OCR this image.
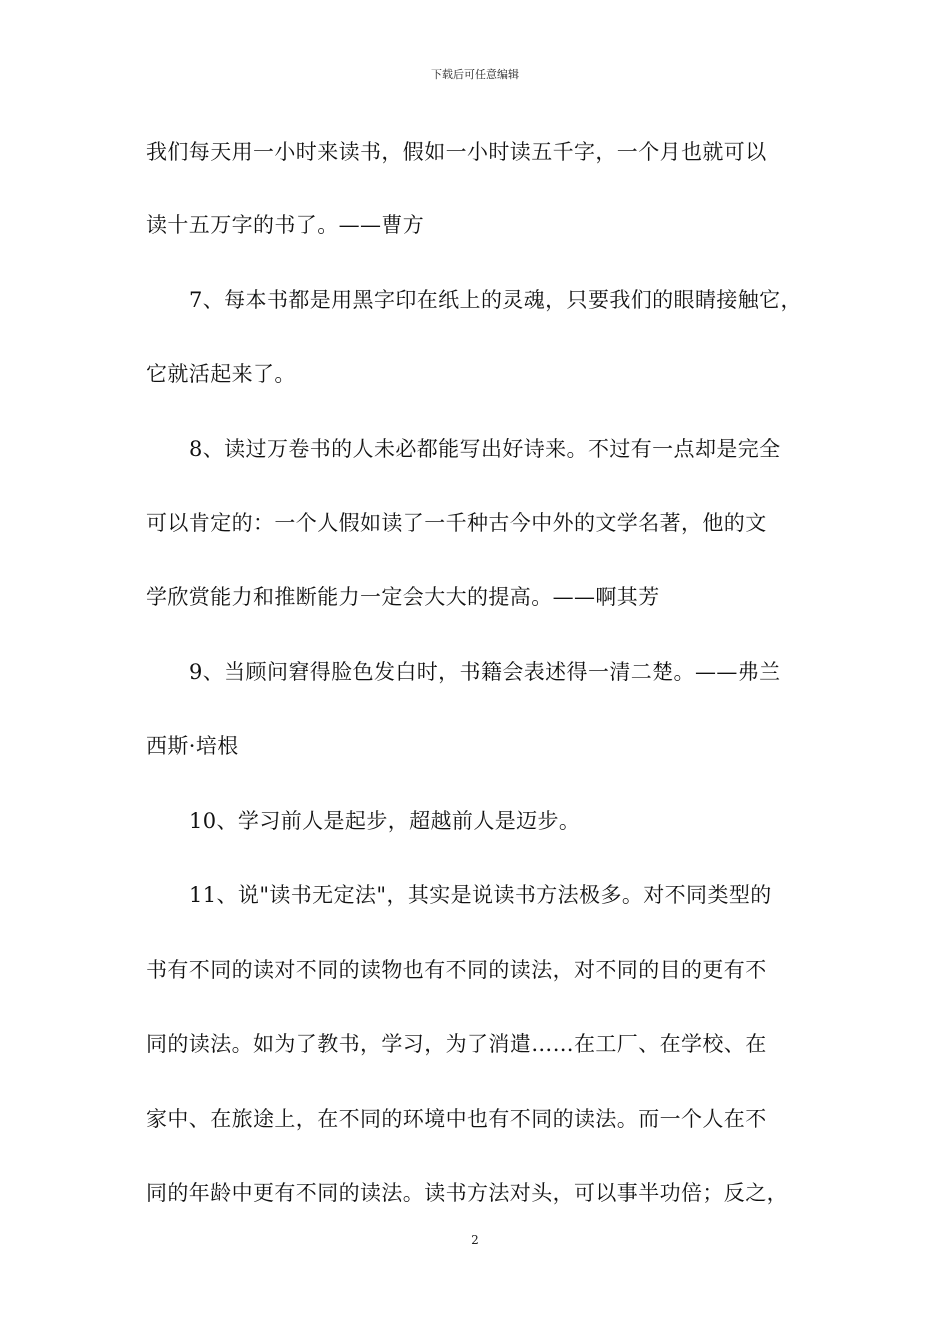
下载后可任意编辑
我们每天用一小时来读书，假如一小时读五千字，一个月也就可以
读十五万字的书了。——曹方
7、每本书都是用黑字印在纸上的灵魂，只要我们的眼睛接触它，
它就活起来了。
8、读过万卷书的人未必都能写出好诗来。不过有一点却是完全
可以肯定的：一个人假如读了一千种古今中外的文学名著，他的文
学欣赏能力和推断能力一定会大大的提高。——啊其芳
9、当顾问窘得脸色发白时，书籍会表述得一清二楚。——弗兰
西斯·培根
10、学习前人是起步，超越前人是迈步。
11、说"读书无定法"，其实是说读书方法极多。对不同类型的
书有不同的读对不同的读物也有不同的读法，对不同的目的更有不
同的读法。如为了教书，学习，为了消遣……在工厂、在学校、在
家中、在旅途上，在不同的环境中也有不同的读法。而一个人在不
同的年龄中更有不同的读法。读书方法对头，可以事半功倍；反之，
2
